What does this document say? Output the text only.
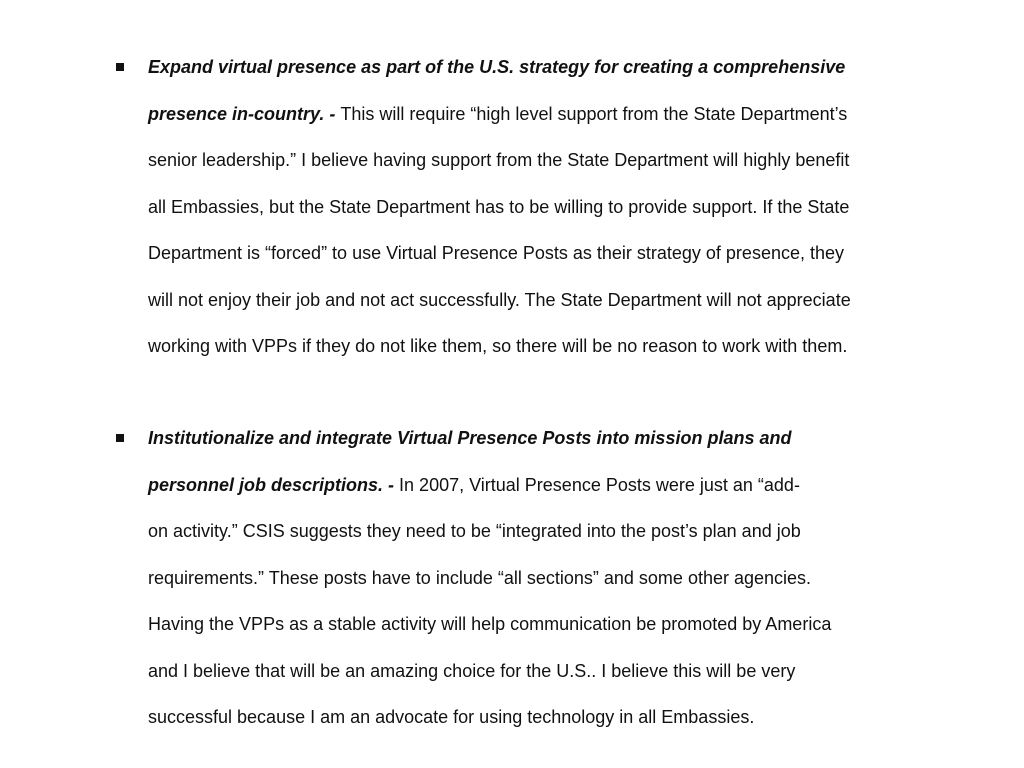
Expand virtual presence as part of the U.S. strategy for creating a comprehensive
presence in-country. - This will require “high level support from the State Department’s
senior leadership.” I believe having support from the State Department will highly benefit
all Embassies, but the State Department has to be willing to provide support. If the State
Department is “forced” to use Virtual Presence Posts as their strategy of presence, they
will not enjoy their job and not act successfully. The State Department will not appreciate
working with VPPs if they do not like them, so there will be no reason to work with them.
Institutionalize and integrate Virtual Presence Posts into mission plans and
personnel job descriptions. - In 2007, Virtual Presence Posts were just an “add-
on activity.” CSIS suggests they need to be “integrated into the post’s plan and job
requirements.” These posts have to include “all sections” and some other agencies.
Having the VPPs as a stable activity will help communication be promoted by America
and I believe that will be an amazing choice for the U.S.. I believe this will be very
successful because I am an advocate for using technology in all Embassies.
